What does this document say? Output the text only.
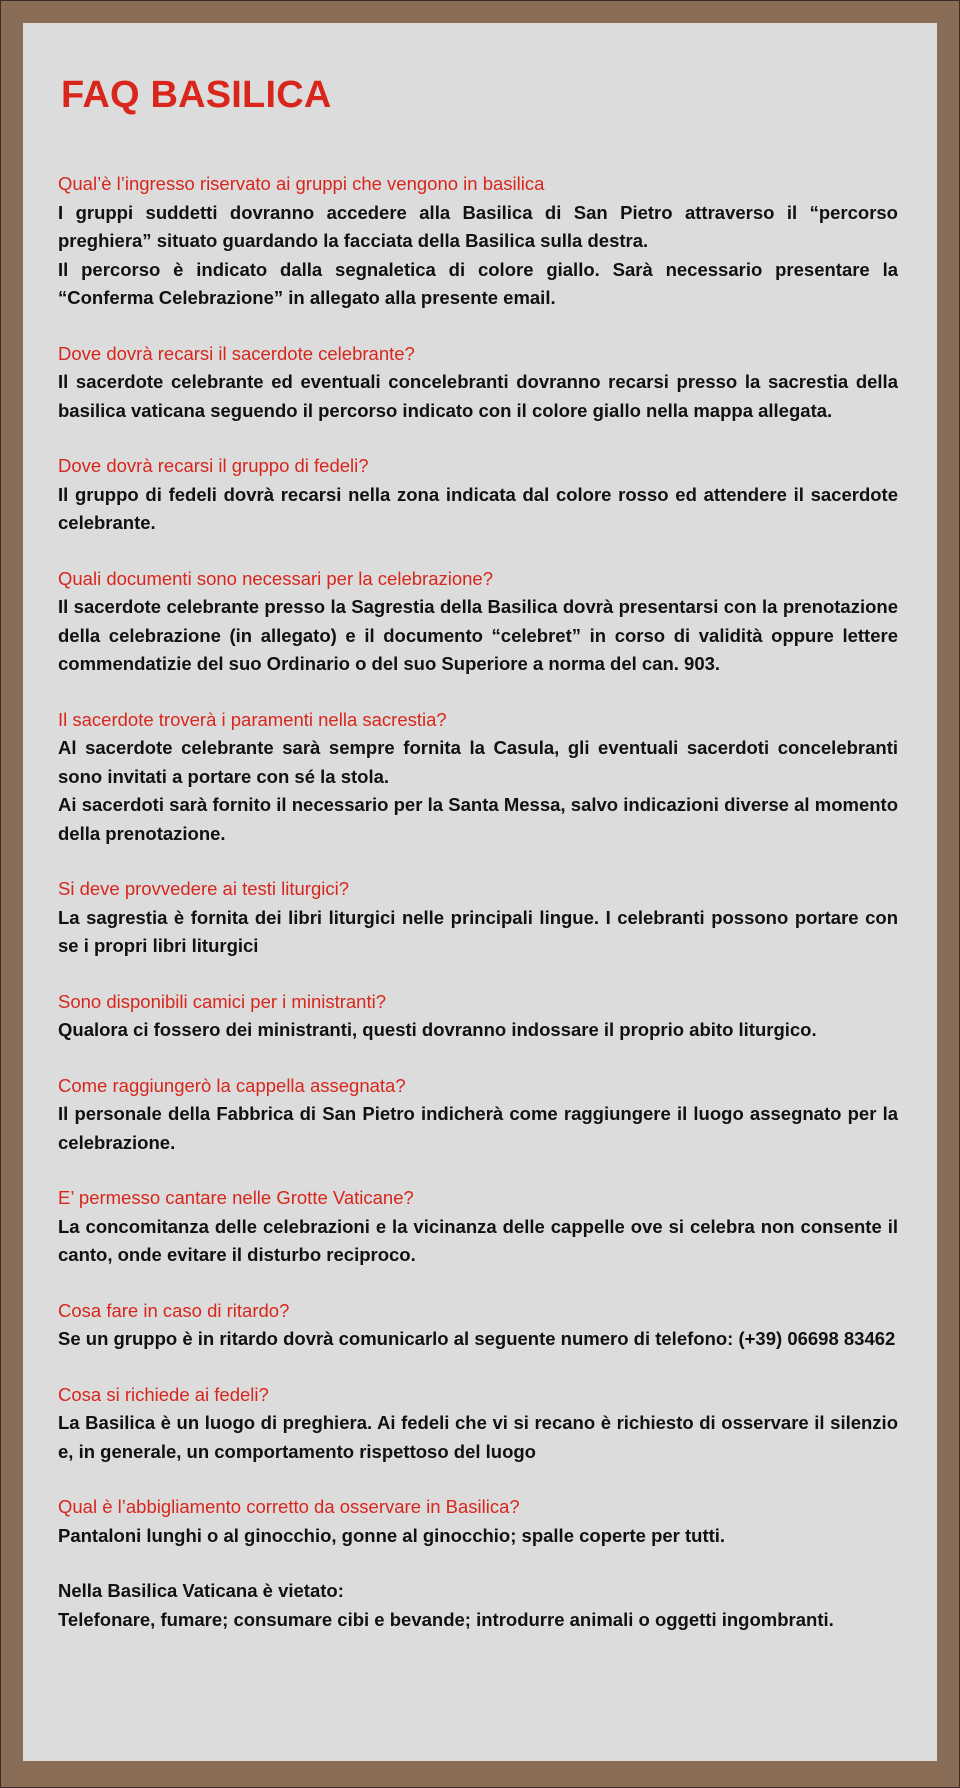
FAQ BASILICA

Qual’è l’ingresso riservato ai gruppi che vengono in basilica

I gruppi suddetti dovranno accedere alla Basilica di San Pietro attraverso il “percorso preghiera” situato guardando la facciata della Basilica sulla destra.

Il percorso è indicato dalla segnaletica di colore giallo. Sarà necessario presentare la “Conferma Celebrazione” in allegato alla presente email.

Dove dovrà recarsi il sacerdote celebrante?

Il sacerdote celebrante ed eventuali concelebranti dovranno recarsi presso la sacrestia della basilica vaticana seguendo il percorso indicato con il colore giallo nella mappa allegata.

Dove dovrà recarsi il gruppo di fedeli?

Il gruppo di fedeli dovrà recarsi nella zona indicata dal colore rosso ed attendere il sacerdote celebrante.

Quali documenti sono necessari per la celebrazione?

Il sacerdote celebrante presso la Sagrestia della Basilica dovrà presentarsi con la prenotazione della celebrazione (in allegato) e il documento “celebret” in corso di validità oppure lettere commendatizie del suo Ordinario o del suo Superiore a norma del can. 903.

Il sacerdote troverà i paramenti nella sacrestia?

Al sacerdote celebrante sarà sempre fornita la Casula, gli eventuali sacerdoti concelebranti sono invitati a portare con sé la stola.

Ai sacerdoti sarà fornito il necessario per la Santa Messa, salvo indicazioni diverse al momento della prenotazione.

Si deve provvedere ai testi liturgici?

La sagrestia è fornita dei libri liturgici nelle principali lingue. I celebranti possono portare con se i propri libri liturgici

Sono disponibili camici per i ministranti?

Qualora ci fossero dei ministranti, questi dovranno indossare il proprio abito liturgico.

Come raggiungerò la cappella assegnata?

Il personale della Fabbrica di San Pietro indicherà come raggiungere il luogo assegnato per la celebrazione.

E’ permesso cantare nelle Grotte Vaticane?

La concomitanza delle celebrazioni e la vicinanza delle cappelle ove si celebra non consente il canto, onde evitare il disturbo reciproco.

Cosa fare in caso di ritardo?

Se un gruppo è in ritardo dovrà comunicarlo al seguente numero di telefono: (+39) 06698 83462

Cosa si richiede ai fedeli?

La Basilica è un luogo di preghiera. Ai fedeli che vi si recano è richiesto di osservare il silenzio e, in generale, un comportamento rispettoso del luogo

Qual è l’abbigliamento corretto da osservare in Basilica?

Pantaloni lunghi o al ginocchio, gonne al ginocchio; spalle coperte per tutti.

Nella Basilica Vaticana è vietato:

Telefonare, fumare; consumare cibi e bevande; introdurre animali o oggetti ingombranti.
